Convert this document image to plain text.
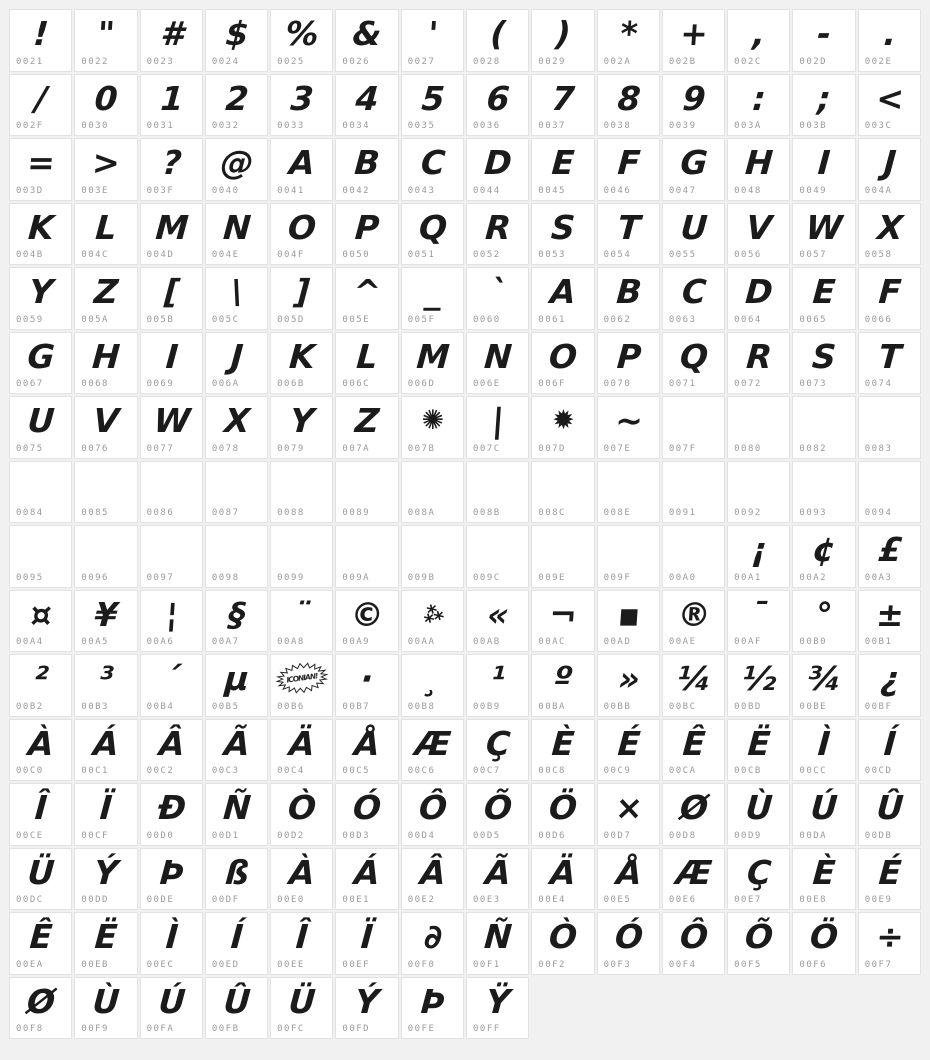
!
0021
"
0022
#
0023
$
0024
%
0025
&
0026
'
0027
(
0028
)
0029
*
002A
+
002B
,
002C
-
002D
.
002E
/
002F
0
0030
1
0031
2
0032
3
0033
4
0034
5
0035
6
0036
7
0037
8
0038
9
0039
:
003A
;
003B
<
003C
=
003D
>
003E
?
003F
@
0040
A
0041
B
0042
C
0043
D
0044
E
0045
F
0046
G
0047
H
0048
I
0049
J
004A
K
004B
L
004C
M
004D
N
004E
O
004F
P
0050
Q
0051
R
0052
S
0053
T
0054
U
0055
V
0056
W
0057
X
0058
Y
0059
Z
005A
[
005B
\
005C
]
005D
^
005E
_
005F
`
0060
A
0061
B
0062
C
0063
D
0064
E
0065
F
0066
G
0067
H
0068
I
0069
J
006A
K
006B
L
006C
M
006D
N
006E
O
006F
P
0070
Q
0071
R
0072
S
0073
T
0074
U
0075
V
0076
W
0077
X
0078
Y
0079
Z
007A
✺
007B
|
007C
✹
007D
~
007E	007F	0080	0082	0083
0084	0085	0086	0087	0088	0089	008A	008B	008C	008E	0091	0092	0093	0094
0095	0096	0097	0098	0099	009A	009B	009C	009E	009F	00A0
¡
00A1
¢
00A2
£
00A3
¤
00A4
¥
00A5
¦
00A6
§
00A7
¨
00A8
©
00A9
⁂
00AA
«
00AB
¬
00AC
▪
00AD
®
00AE
¯
00AF
°
00B0
±
00B1
²
00B2
³
00B3
´
00B4
µ
00B5
ICONIAN!
00B6
·
00B7
¸
00B8
¹
00B9
º
00BA
»
00BB
¼
00BC
½
00BD
¾
00BE
¿
00BF
À
00C0
Á
00C1
Â
00C2
Ã
00C3
Ä
00C4
Å
00C5
Æ
00C6
Ç
00C7
È
00C8
É
00C9
Ê
00CA
Ë
00CB
Ì
00CC
Í
00CD
Î
00CE
Ï
00CF
Ð
00D0
Ñ
00D1
Ò
00D2
Ó
00D3
Ô
00D4
Õ
00D5
Ö
00D6
×
00D7
Ø
00D8
Ù
00D9
Ú
00DA
Û
00DB
Ü
00DC
Ý
00DD
Þ
00DE
ß
00DF
À
00E0
Á
00E1
Â
00E2
Ã
00E3
Ä
00E4
Å
00E5
Æ
00E6
Ç
00E7
È
00E8
É
00E9
Ê
00EA
Ë
00EB
Ì
00EC
Í
00ED
Î
00EE
Ï
00EF
∂
00F0
Ñ
00F1
Ò
00F2
Ó
00F3
Ô
00F4
Õ
00F5
Ö
00F6
÷
00F7
Ø
00F8
Ù
00F9
Ú
00FA
Û
00FB
Ü
00FC
Ý
00FD
Þ
00FE
Ÿ
00FF
